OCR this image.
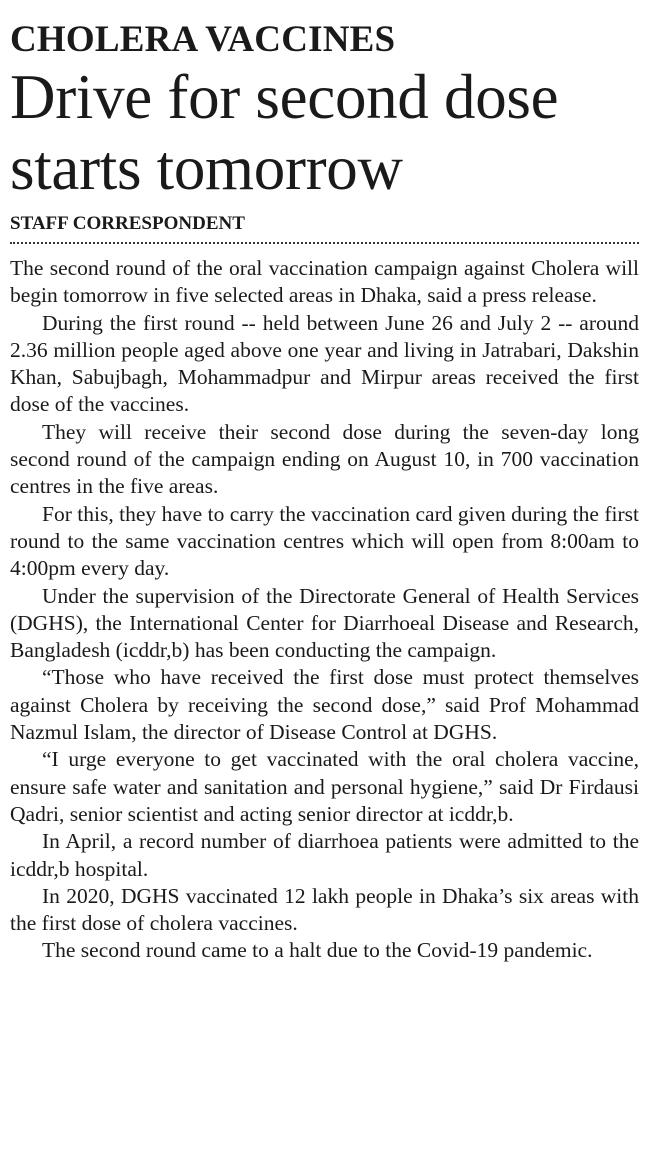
CHOLERA VACCINES
Drive for second dose
starts tomorrow
STAFF CORRESPONDENT

The second round of the oral vaccination campaign against Cholera will begin tomorrow in five selected areas in Dhaka, said a press release.

During the first round -- held between June 26 and July 2 -- around 2.36 million people aged above one year and living in Jatrabari, Dakshin Khan, Sabujbagh, Mohammadpur and Mirpur areas received the first dose of the vaccines.

They will receive their second dose during the seven-day long second round of the campaign ending on August 10, in 700 vaccination centres in the five areas.

For this, they have to carry the vaccination card given during the first round to the same vaccination centres which will open from 8:00am to 4:00pm every day.

Under the supervision of the Directorate General of Health Services (DGHS), the International Center for Diarrhoeal Disease and Research, Bangladesh (icddr,b) has been conducting the campaign.

“Those who have received the first dose must protect themselves against Cholera by receiving the second dose,” said Prof Mohammad Nazmul Islam, the director of Disease Control at DGHS.

“I urge everyone to get vaccinated with the oral cholera vaccine, ensure safe water and sanitation and personal hygiene,” said Dr Firdausi Qadri, senior scientist and acting senior director at icddr,b.

In April, a record number of diarrhoea patients were admitted to the icddr,b hospital.

In 2020, DGHS vaccinated 12 lakh people in Dhaka’s six areas with the first dose of cholera vaccines.

The second round came to a halt due to the Covid-19 pandemic.
